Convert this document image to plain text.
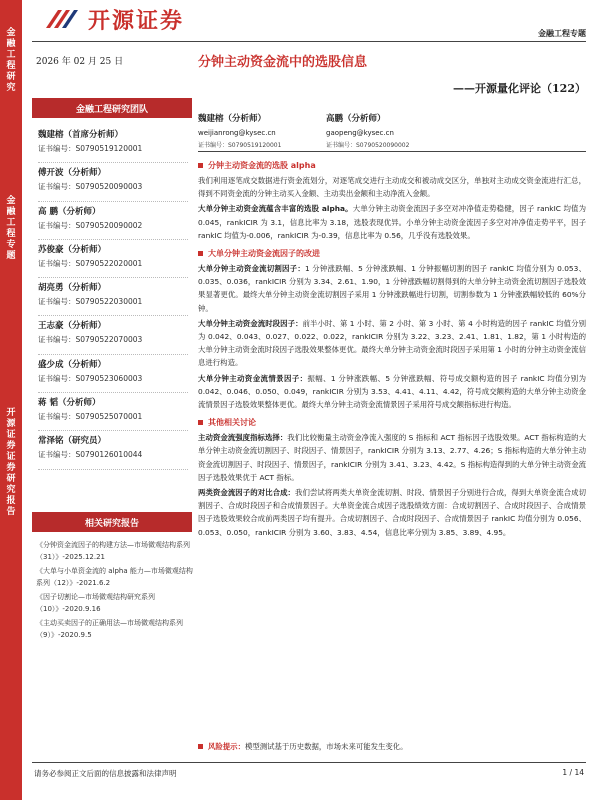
金融工程研究
金融工程专题
开源证券
证券研究报告
开源证券	金融工程专题
2026 年 02 月 25 日	分钟主动资金流中的选股信息
——开源量化评论（122）
金融工程研究团队
魏建榕（首席分析师）
证书编号：S0790519120001
傅开波（分析师）
证书编号：S0790520090003
高 鹏（分析师）
证书编号：S0790520090002
苏俊豪（分析师）
证书编号：S0790522020001
胡亮勇（分析师）
证书编号：S0790522030001
王志豪（分析师）
证书编号：S0790522070003
盛少成（分析师）
证书编号：S0790523060003
蒋 韬（分析师）
证书编号：S0790525070001
常泽铭（研究员）
证书编号：S0790126010044
相关研究报告
《分钟资金流因子的构建方法—市场微观结构系列（31）》-2025.12.21
《大单与小单资金流的 alpha 能力—市场微观结构系列（12）》-2021.6.2
《因子切割论—市场微观结构研究系列（10）》-2020.9.16
《主动买卖因子的正确用法—市场微观结构系列（9）》-2020.9.5
魏建榕（分析师）
weijianrong@kysec.cn
证书编号：S0790519120001
高鹏（分析师）
gaopeng@kysec.cn
证书编号：S0790520090002
分钟主动资金流的选股 alpha
我们利用逐笔成交数据进行资金流划分，对逐笔成交进行主动成交和被动成交区分，单独对主动成交资金流进行汇总，得到不同资金流的分钟主动买入金额、主动卖出金额和主动净流入金额。
大单分钟主动资金流蕴含丰富的选股 alpha。大单分钟主动资金流因子多空对冲净值走势稳健，因子 rankIC 均值为 0.045，rankICIR 为 3.1，信息比率为 3.18，选股表现优异。小单分钟主动资金流因子多空对冲净值走势平平，因子 rankIC 均值为-0.006，rankICIR 为-0.39，信息比率为 0.56，几乎没有选股效果。
大单分钟主动资金流因子的改进
大单分钟主动资金流切割因子：1 分钟涨跌幅、5 分钟涨跌幅、1 分钟振幅切割的因子 rankIC 均值分别为 0.053、0.035、0.036，rankICIR 分别为 3.34、2.61、1.90，1 分钟涨跌幅切割得到的大单分钟主动资金流切割因子选股效果显著更优。最终大单分钟主动资金流切割因子采用 1 分钟涨跌幅进行切割，切割参数为 1 分钟涨跌幅较低的 60%分钟。
大单分钟主动资金流时段因子：前半小时、第 1 小时、第 2 小时、第 3 小时、第 4 小时构造的因子 rankIC 均值分别为 0.042、0.043、0.027、0.022、0.022，rankICIR 分别为 3.22、3.23、2.41、1.81、1.82，第 1 小时构造的大单分钟主动资金流时段因子选股效果整体更优。最终大单分钟主动资金流时段因子采用第 1 小时的分钟主动资金流信息进行构造。
大单分钟主动资金流情景因子：振幅、1 分钟涨跌幅、5 分钟涨跌幅、符号成交额构造的因子 rankIC 均值分别为 0.042、0.046、0.050、0.049，rankICIR 分别为 3.53、4.41、4.11、4.42，符号成交额构造的大单分钟主动资金流情景因子选股效果整体更优。最终大单分钟主动资金流情景因子采用符号成交额指标进行构造。
其他相关讨论
主动资金流强度指标选择：我们比较衡量主动资金净流入强度的 S 指标和 ACT 指标因子选股效果。ACT 指标构造的大单分钟主动资金流切割因子、时段因子、情景因子，rankICIR 分别为 3.13、2.77、4.26；S 指标构造的大单分钟主动资金流切割因子、时段因子、情景因子，rankICIR 分别为 3.41、3.23、4.42。S 指标构造得到的大单分钟主动资金流因子选股效果优于 ACT 指标。
两类资金流因子的对比合成：我们尝试将两类大单资金流切割、时段、情景因子分别进行合成，得到大单资金流合成切割因子、合成时段因子和合成情景因子。大单资金流合成因子选股绩效方面：合成切割因子、合成时段因子、合成情景因子选股效果较合成前两类因子均有提升。合成切割因子、合成时段因子、合成情景因子 rankIC 均值分别为 0.056、0.053、0.050，rankICIR 分别为 3.60、3.83、4.54，信息比率分别为 3.85、3.89、4.95。
风险提示：模型测试基于历史数据，市场未来可能发生变化。
请务必参阅正文后面的信息披露和法律声明	1 / 14
